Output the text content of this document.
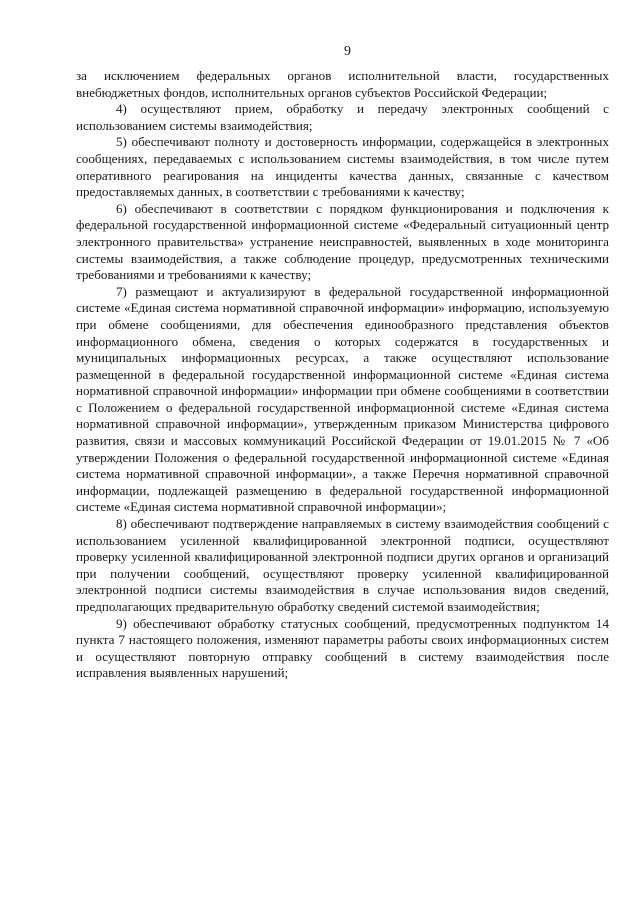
9

за исключением федеральных органов исполнительной власти, государственных внебюджетных фондов, исполнительных органов субъектов Российской Федерации;

4) осуществляют прием, обработку и передачу электронных сообщений с использованием системы взаимодействия;

5) обеспечивают полноту и достоверность информации, содержащейся в электронных сообщениях, передаваемых с использованием системы взаимодействия, в том числе путем оперативного реагирования на инциденты качества данных, связанные с качеством предоставляемых данных, в соответствии с требованиями к качеству;

6) обеспечивают в соответствии с порядком функционирования и подключения к федеральной государственной информационной системе «Федеральный ситуационный центр электронного правительства» устранение неисправностей, выявленных в ходе мониторинга системы взаимодействия, а также соблюдение процедур, предусмотренных техническими требованиями и требованиями к качеству;

7) размещают и актуализируют в федеральной государственной информационной системе «Единая система нормативной справочной информации» информацию, используемую при обмене сообщениями, для обеспечения единообразного представления объектов информационного обмена, сведения о которых содержатся в государственных и муниципальных информационных ресурсах, а также осуществляют использование размещенной в федеральной государственной информационной системе «Единая система нормативной справочной информации» информации при обмене сообщениями в соответствии с Положением о федеральной государственной информационной системе «Единая система нормативной справочной информации», утвержденным приказом Министерства цифрового развития, связи и массовых коммуникаций Российской Федерации от 19.01.2015 № 7 «Об утверждении Положения о федеральной государственной информационной системе «Единая система нормативной справочной информации», а также Перечня нормативной справочной информации, подлежащей размещению в федеральной государственной информационной системе «Единая система нормативной справочной информации»;

8) обеспечивают подтверждение направляемых в систему взаимодействия сообщений с использованием усиленной квалифицированной электронной подписи, осуществляют проверку усиленной квалифицированной электронной подписи других органов и организаций при получении сообщений, осуществляют проверку усиленной квалифицированной электронной подписи системы взаимодействия в случае использования видов сведений, предполагающих предварительную обработку сведений системой взаимодействия;

9) обеспечивают обработку статусных сообщений, предусмотренных подпунктом 14 пункта 7 настоящего положения, изменяют параметры работы своих информационных систем и осуществляют повторную отправку сообщений в систему взаимодействия после исправления выявленных нарушений;
